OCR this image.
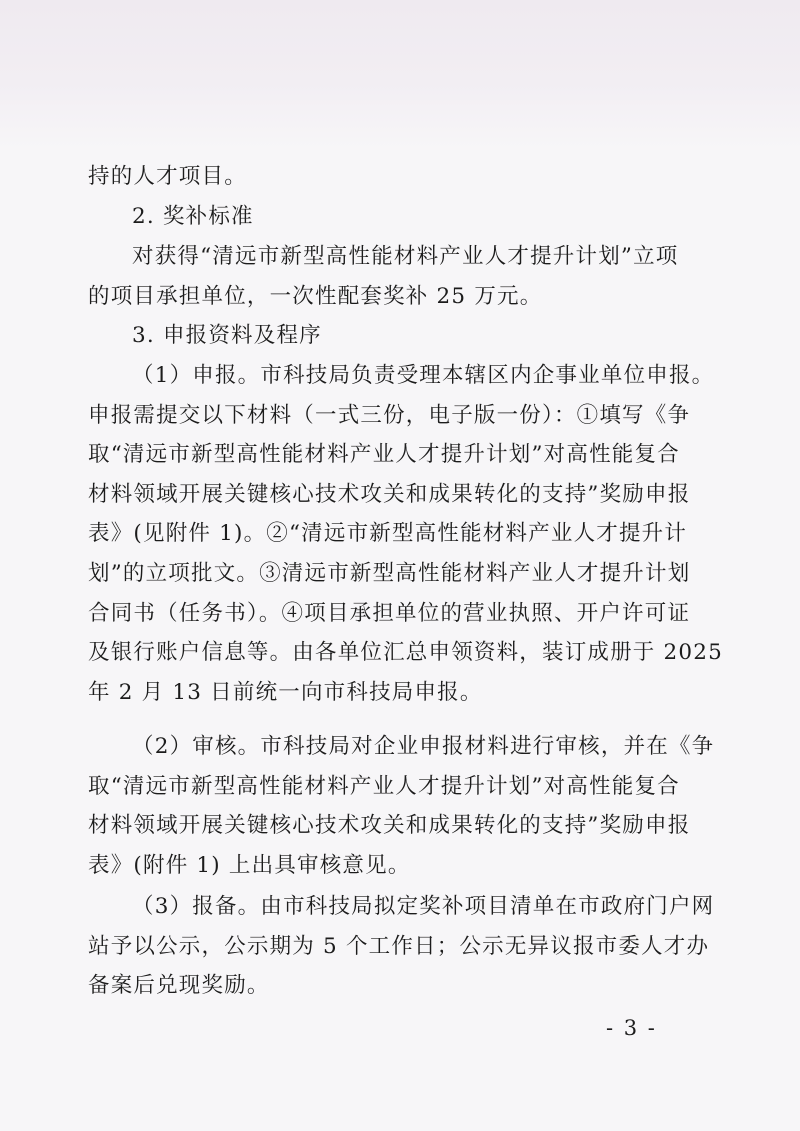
持的人才项目。

2. 奖补标准

对获得“清远市新型高性能材料产业人才提升计划”立项
的项目承担单位，一次性配套奖补 25 万元。

3. 申报资料及程序

（1）申报。市科技局负责受理本辖区内企事业单位申报。
申报需提交以下材料（一式三份，电子版一份）：①填写《争
取“清远市新型高性能材料产业人才提升计划”对高性能复合
材料领域开展关键核心技术攻关和成果转化的支持”奖励申报
表》(见附件 1)。②“清远市新型高性能材料产业人才提升计
划”的立项批文。③清远市新型高性能材料产业人才提升计划
合同书（任务书）。④项目承担单位的营业执照、开户许可证
及银行账户信息等。由各单位汇总申领资料，装订成册于 2025
年 2 月 13 日前统一向市科技局申报。

（2）审核。市科技局对企业申报材料进行审核，并在《争
取“清远市新型高性能材料产业人才提升计划”对高性能复合
材料领域开展关键核心技术攻关和成果转化的支持”奖励申报
表》(附件 1) 上出具审核意见。

（3）报备。由市科技局拟定奖补项目清单在市政府门户网
站予以公示，公示期为 5 个工作日；公示无异议报市委人才办
备案后兑现奖励。

- 3 -
